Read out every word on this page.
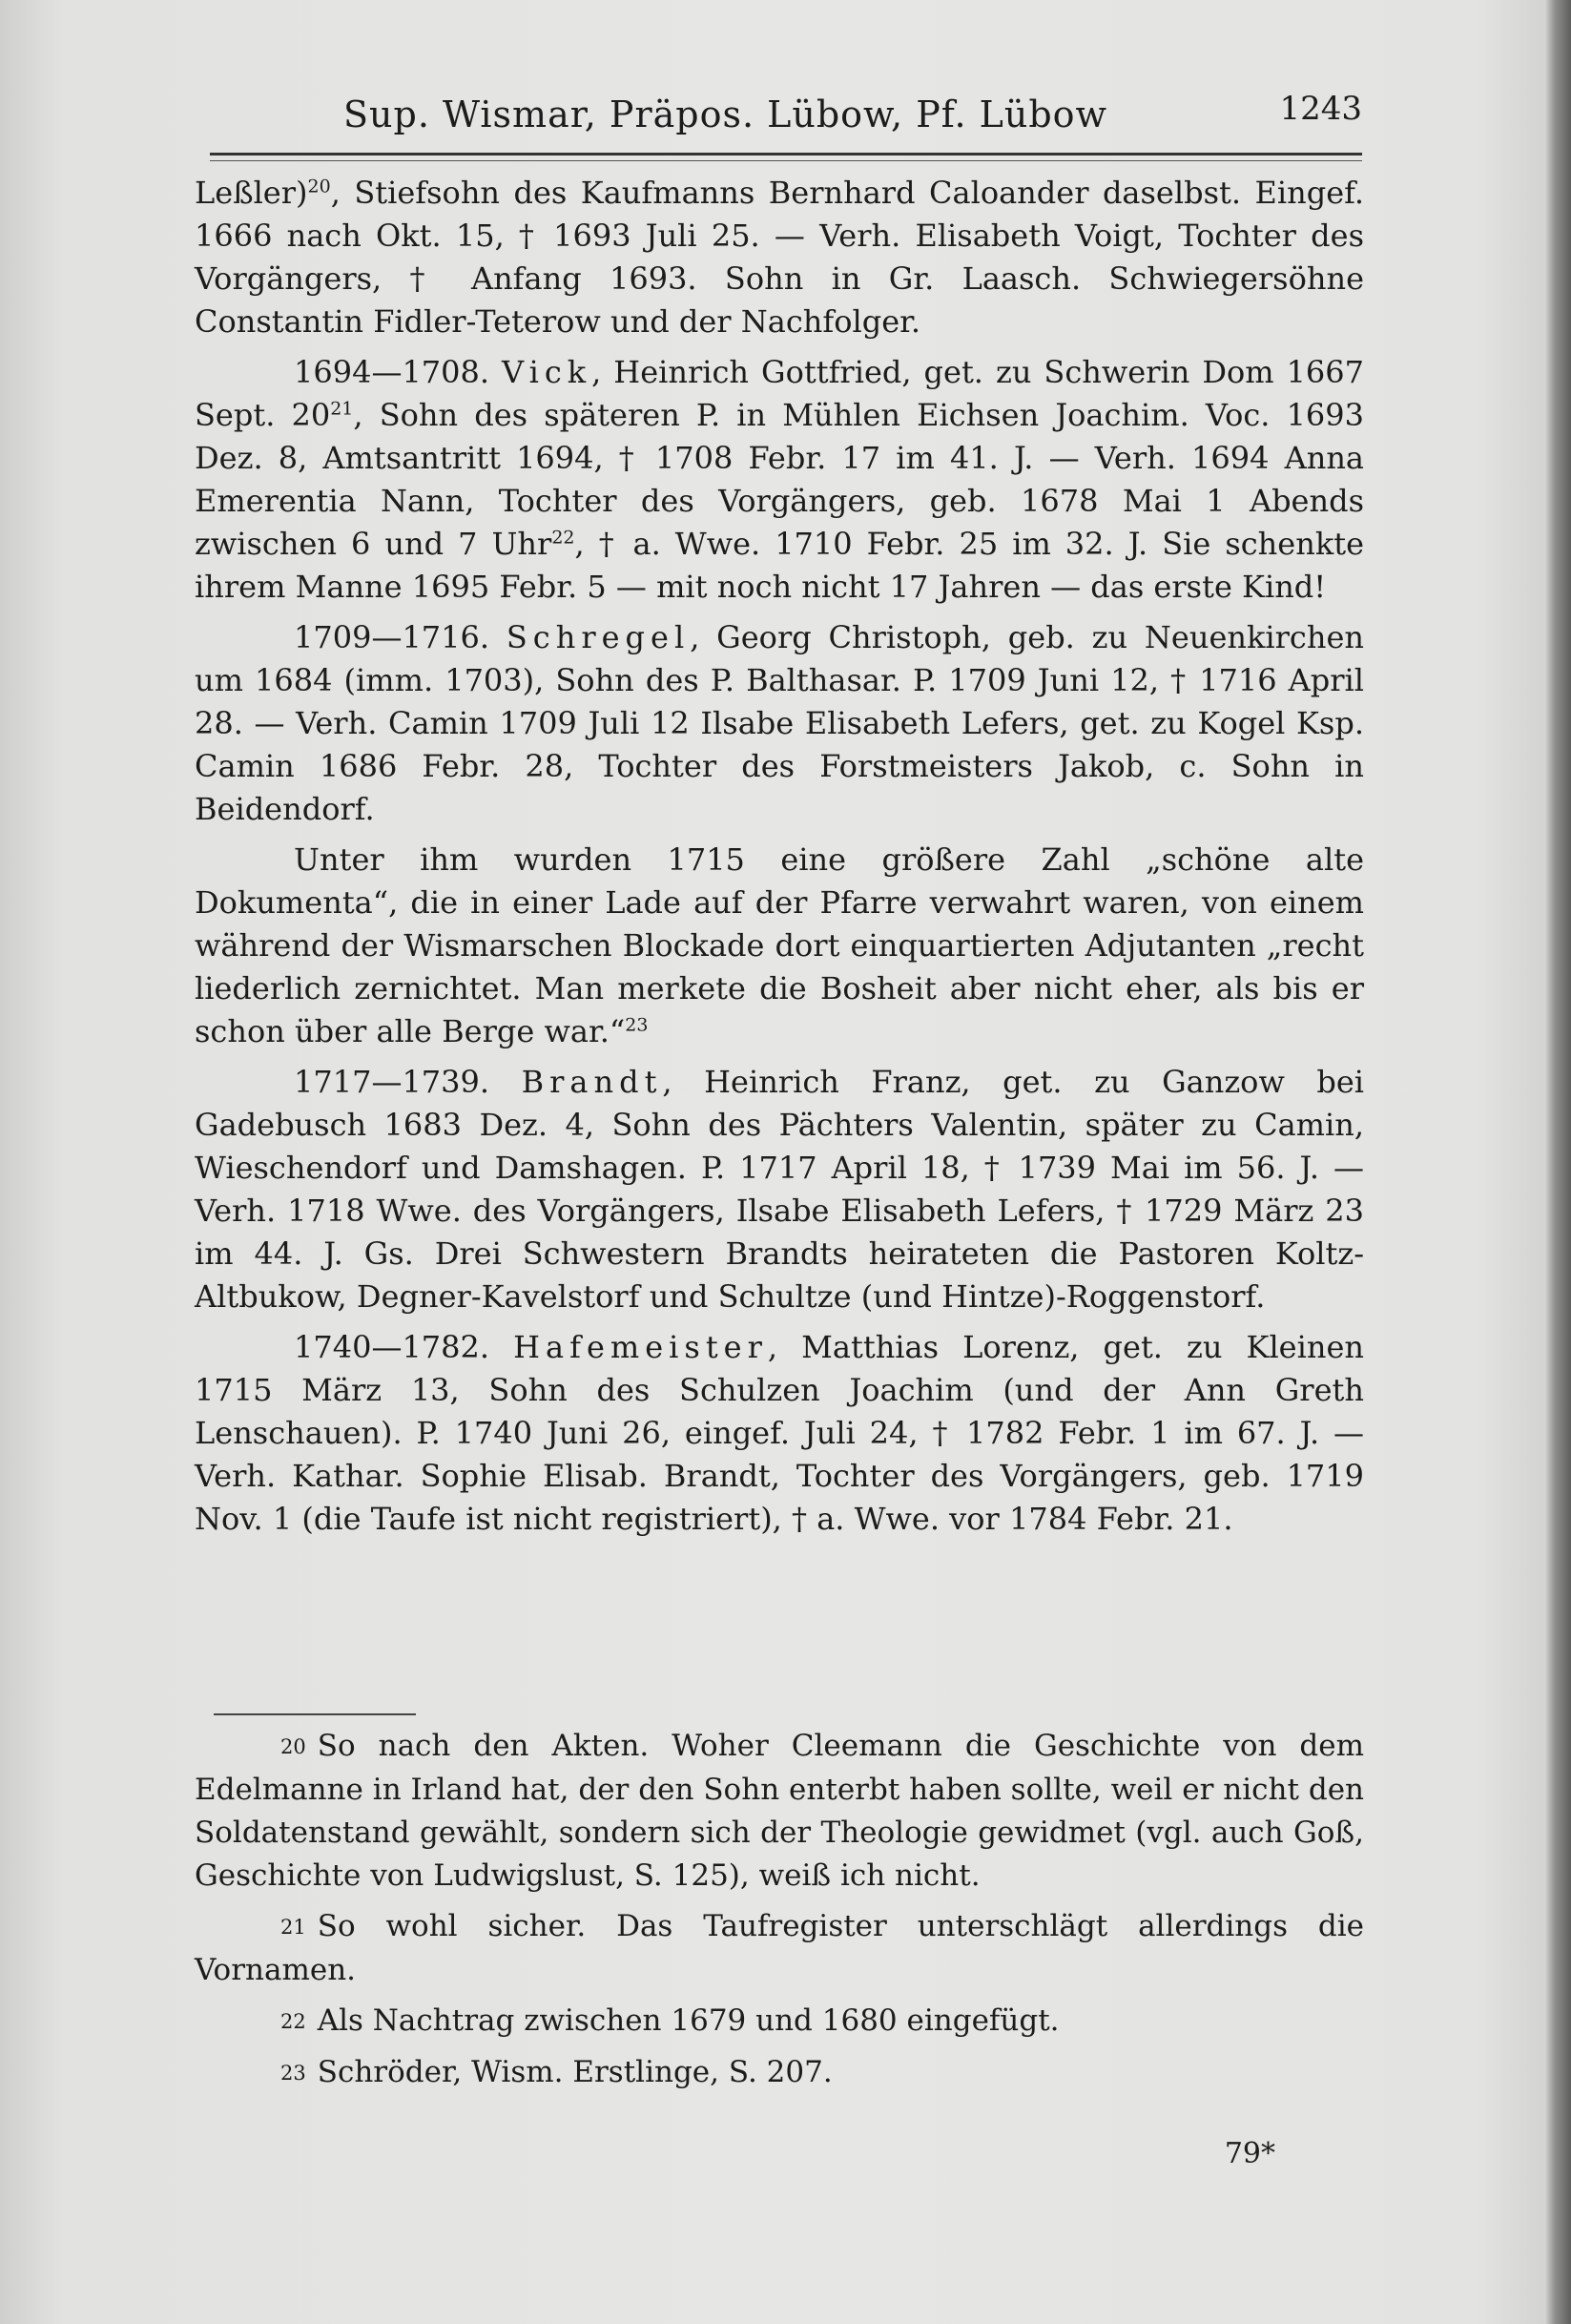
Sup. Wismar, Präpos. Lübow, Pf. Lübow	1243

Leßler)$^{20}$, Stiefsohn des Kaufmanns Bernhard Caloander daselbst. Eingef. 1666 nach Okt. 15, † 1693 Juli 25. — Verh. Elisabeth Voigt, Tochter des Vorgängers, † Anfang 1693. Sohn in Gr. Laasch. Schwiegersöhne Constantin Fidler-Teterow und der Nachfolger.

1694—1708. Vick, Heinrich Gottfried, get. zu Schwerin Dom 1667 Sept. $20^{21}$, Sohn des späteren P. in Mühlen Eichsen Joachim. Voc. 1693 Dez. 8, Amtsantritt 1694, † 1708 Febr. 17 im 41. J. — Verh. 1694 Anna Emerentia Nann, Tochter des Vorgängers, geb. 1678 Mai 1 Abends zwischen 6 und 7 Uhr$^{22}$, † a. Wwe. 1710 Febr. 25 im 32. J. Sie schenkte ihrem Manne 1695 Febr. 5 — mit noch nicht 17 Jahren — das erste Kind!

1709—1716. Schregel, Georg Christoph, geb. zu Neuenkirchen um 1684 (imm. 1703), Sohn des P. Balthasar. P. 1709 Juni 12, † 1716 April 28. — Verh. Camin 1709 Juli 12 Ilsabe Elisabeth Lefers, get. zu Kogel Ksp. Camin 1686 Febr. 28, Tochter des Forstmeisters Jakob, c. Sohn in Beidendorf.

Unter ihm wurden 1715 eine größere Zahl „schöne alte Dokumenta“, die in einer Lade auf der Pfarre verwahrt waren, von einem während der Wismarschen Blockade dort einquartierten Adjutanten „recht liederlich zernichtet. Man merkete die Bosheit aber nicht eher, als bis er schon über alle Berge war.“$^{23}$

1717—1739. Brandt, Heinrich Franz, get. zu Ganzow bei Gadebusch 1683 Dez. 4, Sohn des Pächters Valentin, später zu Camin, Wieschendorf und Damshagen. P. 1717 April 18, † 1739 Mai im 56. J. — Verh. 1718 Wwe. des Vorgängers, Ilsabe Elisabeth Lefers, † 1729 März 23 im 44. J. Gs. Drei Schwestern Brandts heirateten die Pastoren Koltz-Altbukow, Degner-Kavelstorf und Schultze (und Hintze)-Roggenstorf.

1740—1782. Hafemeister, Matthias Lorenz, get. zu Kleinen 1715 März 13, Sohn des Schulzen Joachim (und der Ann Greth Lenschauen). P. 1740 Juni 26, eingef. Juli 24, † 1782 Febr. 1 im 67. J. — Verh. Kathar. Sophie Elisab. Brandt, Tochter des Vorgängers, geb. 1719 Nov. 1 (die Taufe ist nicht registriert), † a. Wwe. vor 1784 Febr. 21.

20 So nach den Akten. Woher Cleemann die Geschichte von dem Edelmanne in Irland hat, der den Sohn enterbt haben sollte, weil er nicht den Soldatenstand gewählt, sondern sich der Theologie gewidmet (vgl. auch Goß, Geschichte von Ludwigslust, S. 125), weiß ich nicht.

21 So wohl sicher. Das Taufregister unterschlägt allerdings die Vornamen.

22 Als Nachtrag zwischen 1679 und 1680 eingefügt.

23 Schröder, Wism. Erstlinge, S. 207.

79*
